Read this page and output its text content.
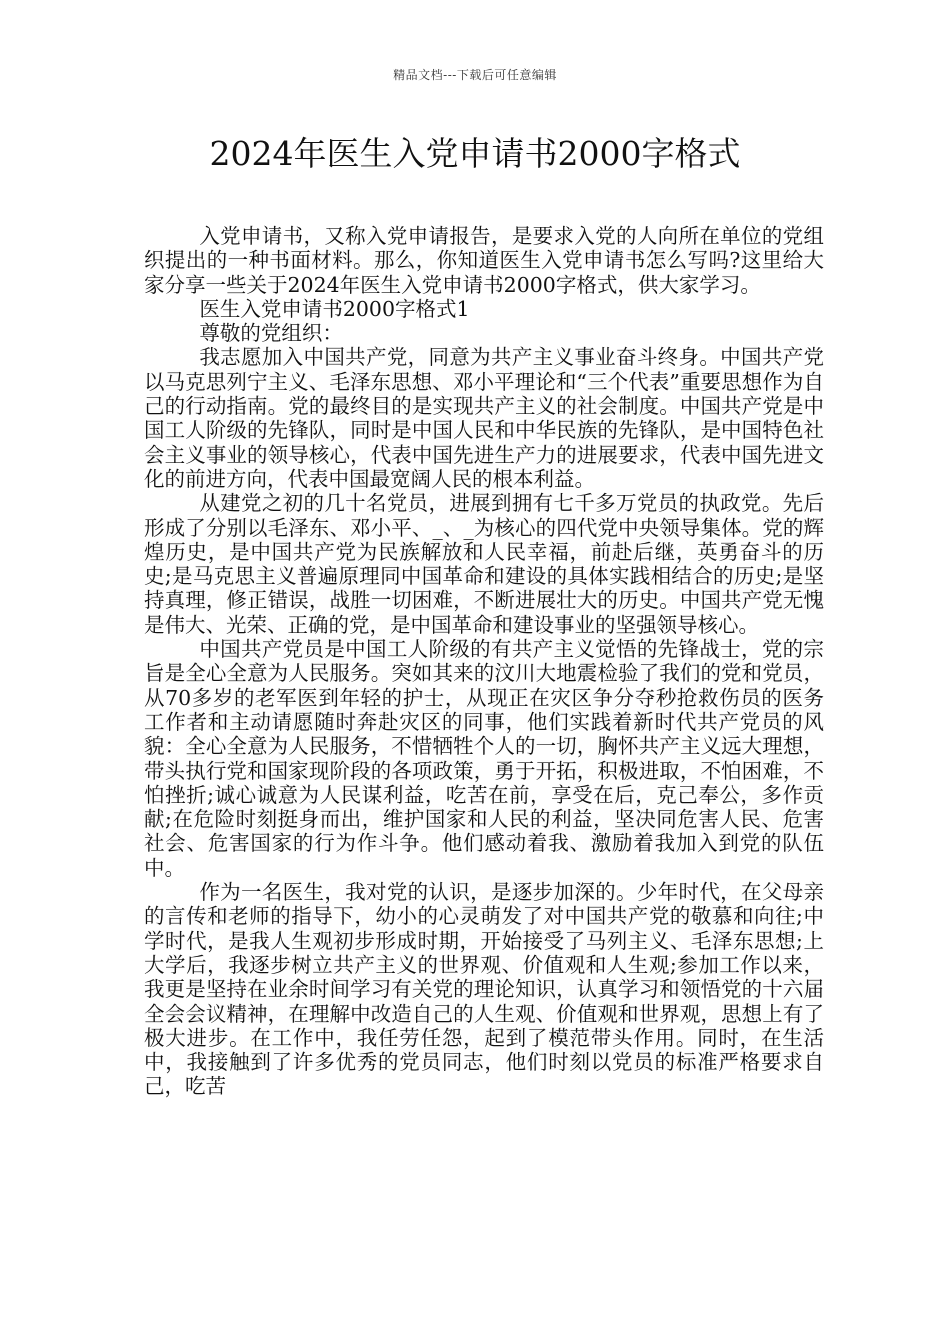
精品文档---下载后可任意编辑
2024年医生入党申请书2000字格式

入党申请书，又称入党申请报告，是要求入党的人向所在单位的党组织提出的一种书面材料。那么，你知道医生入党申请书怎么写吗?这里给大家分享一些关于2024年医生入党申请书2000字格式，供大家学习。

医生入党申请书2000字格式1

尊敬的党组织：

我志愿加入中国共产党，同意为共产主义事业奋斗终身。中国共产党以马克思列宁主义、毛泽东思想、邓小平理论和“三个代表”重要思想作为自己的行动指南。党的最终目的是实现共产主义的社会制度。中国共产党是中国工人阶级的先锋队，同时是中国人民和中华民族的先锋队，是中国特色社会主义事业的领导核心，代表中国先进生产力的进展要求，代表中国先进文化的前进方向，代表中国最宽阔人民的根本利益。

从建党之初的几十名党员，进展到拥有七千多万党员的执政党。先后形成了分别以毛泽东、邓小平、_、_为核心的四代党中央领导集体。党的辉煌历史，是中国共产党为民族解放和人民幸福，前赴后继，英勇奋斗的历史;是马克思主义普遍原理同中国革命和建设的具体实践相结合的历史;是坚持真理，修正错误，战胜一切困难，不断进展壮大的历史。中国共产党无愧是伟大、光荣、正确的党，是中国革命和建设事业的坚强领导核心。

中国共产党员是中国工人阶级的有共产主义觉悟的先锋战士，党的宗旨是全心全意为人民服务。突如其来的汶川大地震检验了我们的党和党员，从70多岁的老军医到年轻的护士，从现正在灾区争分夺秒抢救伤员的医务工作者和主动请愿随时奔赴灾区的同事，他们实践着新时代共产党员的风貌：全心全意为人民服务，不惜牺牲个人的一切，胸怀共产主义远大理想，带头执行党和国家现阶段的各项政策，勇于开拓，积极进取，不怕困难，不怕挫折;诚心诚意为人民谋利益，吃苦在前，享受在后，克己奉公，多作贡献;在危险时刻挺身而出，维护国家和人民的利益，坚决同危害人民、危害社会、危害国家的行为作斗争。他们感动着我、激励着我加入到党的队伍中。

作为一名医生，我对党的认识，是逐步加深的。少年时代，在父母亲的言传和老师的指导下，幼小的心灵萌发了对中国共产党的敬慕和向往;中学时代，是我人生观初步形成时期，开始接受了马列主义、毛泽东思想;上大学后，我逐步树立共产主义的世界观、价值观和人生观;参加工作以来，我更是坚持在业余时间学习有关党的理论知识，认真学习和领悟党的十六届全会会议精神，在理解中改造自己的人生观、价值观和世界观，思想上有了极大进步。在工作中，我任劳任怨，起到了模范带头作用。同时，在生活中，我接触到了许多优秀的党员同志，他们时刻以党员的标准严格要求自己，吃苦
